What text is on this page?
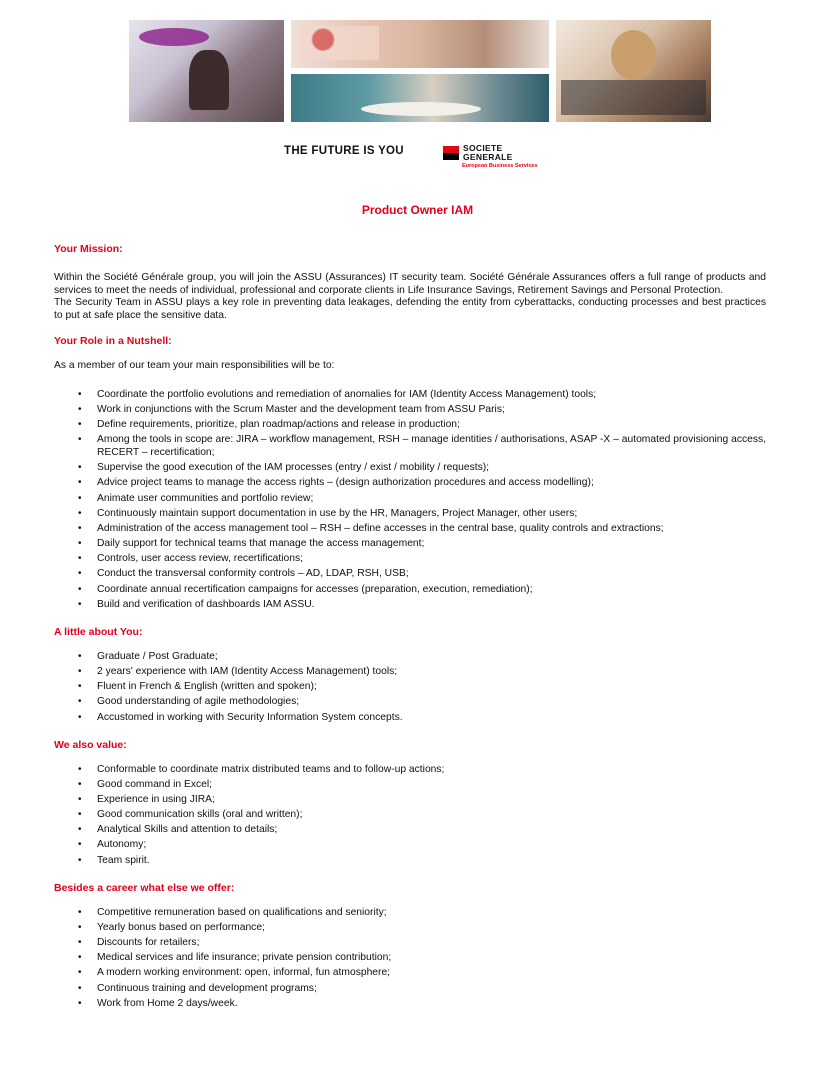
THE FUTURE IS YOU	SOCIETE
GENERALE
European Business Services
Product Owner IAM

Your Mission:

Within the Société Générale group, you will join the ASSU (Assurances) IT security team. Société Générale Assurances offers a full range of products and services to meet the needs of individual, professional and corporate clients in Life Insurance Savings, Retirement Savings and Personal Protection.

The Security Team in ASSU plays a key role in preventing data leakages, defending the entity from cyberattacks, conducting processes and best practices to put at safe place the sensitive data.

Your Role in a Nutshell:

As a member of our team your main responsibilities will be to:

• Coordinate the portfolio evolutions and remediation of anomalies for IAM (Identity Access Management) tools;
• Work in conjunctions with the Scrum Master and the development team from ASSU Paris;
• Define requirements, prioritize, plan roadmap/actions and release in production;
• Among the tools in scope are: JIRA – workflow management, RSH – manage identities / authorisations, ASAP -X – automated provisioning access, RECERT – recertification;
• Supervise the good execution of the IAM processes (entry / exist / mobility / requests);
• Advice project teams to manage the access rights – (design authorization procedures and access modelling);
• Animate user communities and portfolio review;
• Continuously maintain support documentation in use by the HR, Managers, Project Manager, other users;
• Administration of the access management tool – RSH – define accesses in the central base, quality controls and extractions;
• Daily support for technical teams that manage the access management;
• Controls, user access review, recertifications;
• Conduct the transversal conformity controls – AD, LDAP, RSH, USB;
• Coordinate annual recertification campaigns for accesses (preparation, execution, remediation);
• Build and verification of dashboards IAM ASSU.

A little about You:

• Graduate / Post Graduate;
• 2 years' experience with IAM (Identity Access Management) tools;
• Fluent in French & English (written and spoken);
• Good understanding of agile methodologies;
• Accustomed in working with Security Information System concepts.

We also value:

• Conformable to coordinate matrix distributed teams and to follow-up actions;
• Good command in Excel;
• Experience in using JIRA;
• Good communication skills (oral and written);
• Analytical Skills and attention to details;
• Autonomy;
• Team spirit.

Besides a career what else we offer:

• Competitive remuneration based on qualifications and seniority;
• Yearly bonus based on performance;
• Discounts for retailers;
• Medical services and life insurance; private pension contribution;
• A modern working environment: open, informal, fun atmosphere;
• Continuous training and development programs;
• Work from Home 2 days/week.
